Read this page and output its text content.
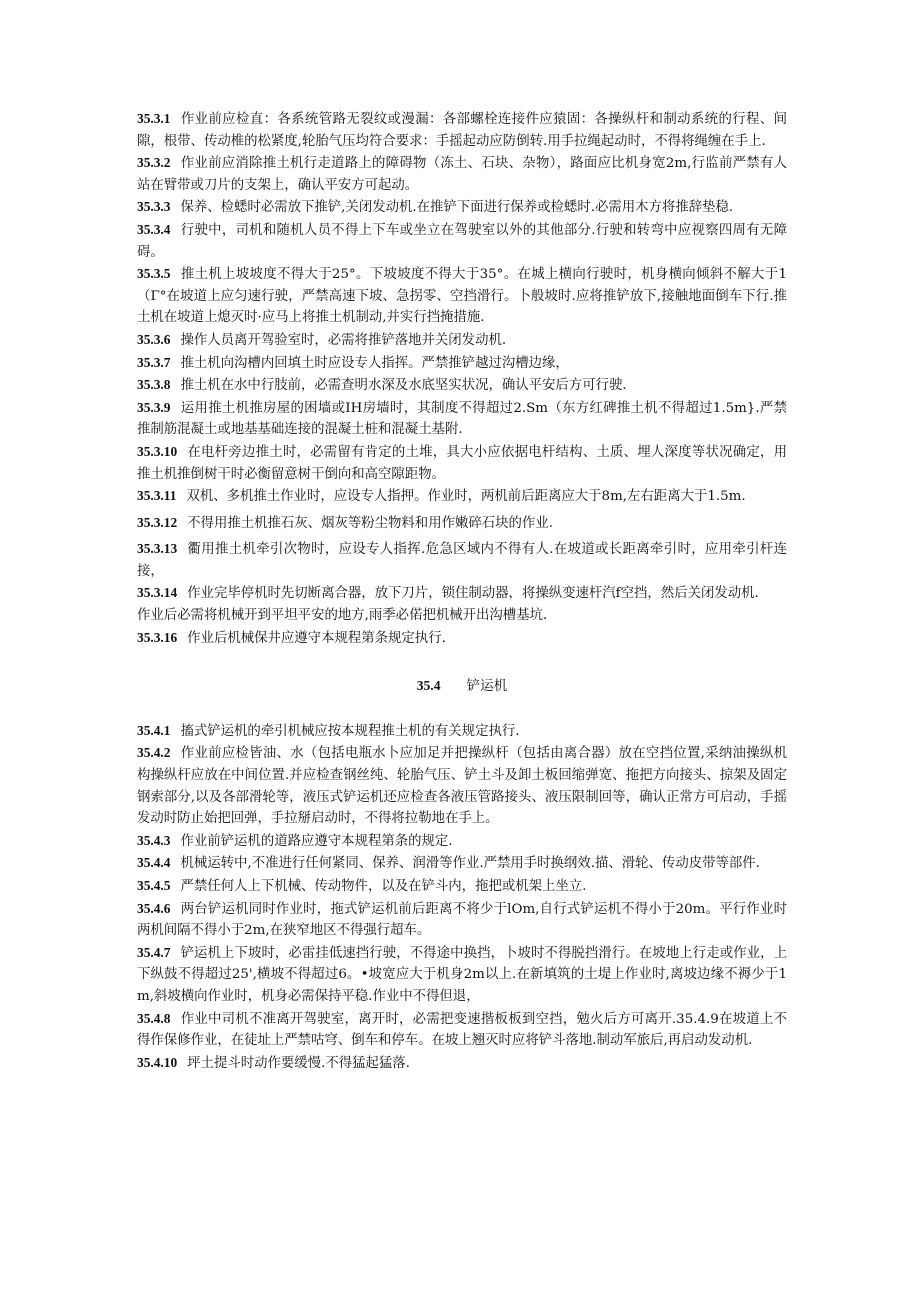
35.3.1 作业前应检直：各系统管路无裂纹或漫漏：各部螺栓连接件应猿固：各操纵杆和制动系统的行程、间隙，根带、传动椎的松紧度,轮胎气压均符合要求：手摇起动应防倒转.用手拉绳起动时，不得将绳缠在手上.

35.3.2 作业前应消除推土机行走道路上的障碍物（冻土、石块、杂物），路面应比机身宽2m,行监前严禁有人站在臂带或刀片的支架上，确认平安方可起动。

35.3.3 保养、检蟋时必需放下推铲,关闭发动机.在推铲下面进行保养或检蟋时.必需用木方将推辞垫稳.

35.3.4 行驶中，司机和随机人员不得上下车或坐立在驾驶室以外的其他部分.行驶和转弯中应视察四周有无障碍。

35.3.5 推土机上坡坡度不得大于25°。下坡坡度不得大于35°。在城上横向行驶时，机身横向倾斜不解大于1（Γ°在坡道上应匀速行驶，严禁高速下坡、急拐零、空挡滑行。卜般坡时.应将推铲放下,接触地面倒车下行.推土机在坡道上熄灭时·应马上将推土机制动,并实行挡掩措施.

35.3.6 操作人员离开驾验室时，必需将推铲落地并关闭发动机.

35.3.7 推土机向沟槽内回填土时应设专人指挥。严禁推铲越过沟槽边缘，

35.3.8 推土机在水中行肢前，必需查明水深及水底坚实状况，确认平安后方可行驶.

35.3.9 运用推土机推房屋的困墙或IH房墙时，其制度不得超过2.Sm（东方红碑推土机不得超过1.5m}.严禁推制筋混凝土或地基基础连接的混凝土桩和混凝土基附.

35.3.10 在电杆旁边推土时，必需留有肯定的土堆，具大小应依据电杆结构、土质、埋人深度等状况确定，用推土机推倒树干时必衡留意树干倒向和高空隙距物。

35.3.11 双机、多机推土作业时，应设专人指押。作业时，两机前后距离应大于8m,左右距离大于1.5m.

35.3.12 不得用推土机推石灰、烟灰等粉尘物料和用作嫩碎石块的作业.

35.3.13 衢用推土机牵引次物时，应设专人指挥.危急区域内不得有人.在坡道或长距离牵引时，应用牵引杆连接，

35.3.14 作业完毕停机时先切断离合器，放下刀片，锁住制动器，将操纵变速杆汽f空挡，然后关闭发动机.

作业后必需将机械开到平坦平安的地方,雨季必偌把机械开出沟槽基坑.

35.3.16 作业后机械保井应遵守本规程第条规定执行.

35.4 铲运机

35.4.1 搐式铲运机的牵引机械应按本规程推土机的有关规定执行.

35.4.2 作业前应检皆油、水（包括电瓶水卜应加足并把操纵杆（包括由离合器）放在空挡位置,采纳油操纵机构操纵杆应放在中间位置.并应检查钢丝纯、轮胎气压、铲土斗及卸土板回缩弹宽、拖把方向接头、掠架及固定钢索部分,以及各部滑轮等，液压式铲运机还应检查各液压管路接头、液压限制回等，确认正常方可启动，手摇发动时防止始把回弹，手拉掰启动时，不得将拉勒地在手上。

35.4.3 作业前铲运机的道路应遵守本规程第条的规定.

35.4.4 机械运转中,不准进行任何紧同、保养、润滑等作业.严禁用手时换纲效.描、滑轮、传动皮带等部件.

35.4.5 严禁任何人上下机械、传动物件，以及在铲斗内，拖把或机架上坐立.

35.4.6 两台铲运机同时作业时，拖式铲运机前后距离不将少于lOm,自行式铲运机不得小于20m。平行作业时两机间隔不得小于2m,在狭窄地区不得强行超车。

35.4.7 铲运机上下坡时，必雷挂低速挡行驶，不得途中换挡，卜坡时不得脱挡滑行。在坡地上行走或作业，上下纵鼓不得超过25',横坡不得超过6。•坡宽应大于机身2m以上.在新填筑的土堤上作业时,离坡边缘不褥少于1m,斜坡横向作业时，机身必需保持平稳.作业中不得但退，

35.4.8 作业中司机不准离开驾驶室，离开时，必需把变速揩板板到空挡，勉火后方可离开.35.4.9在坡道上不得作保修作业，在徒址上严禁咕穹、倒车和停车。在坡上翘灭时应将铲斗落地.制动军旅后,再启动发动机.

35.4.10 坪土提斗时动作要缓慢.不得猛起猛落.
